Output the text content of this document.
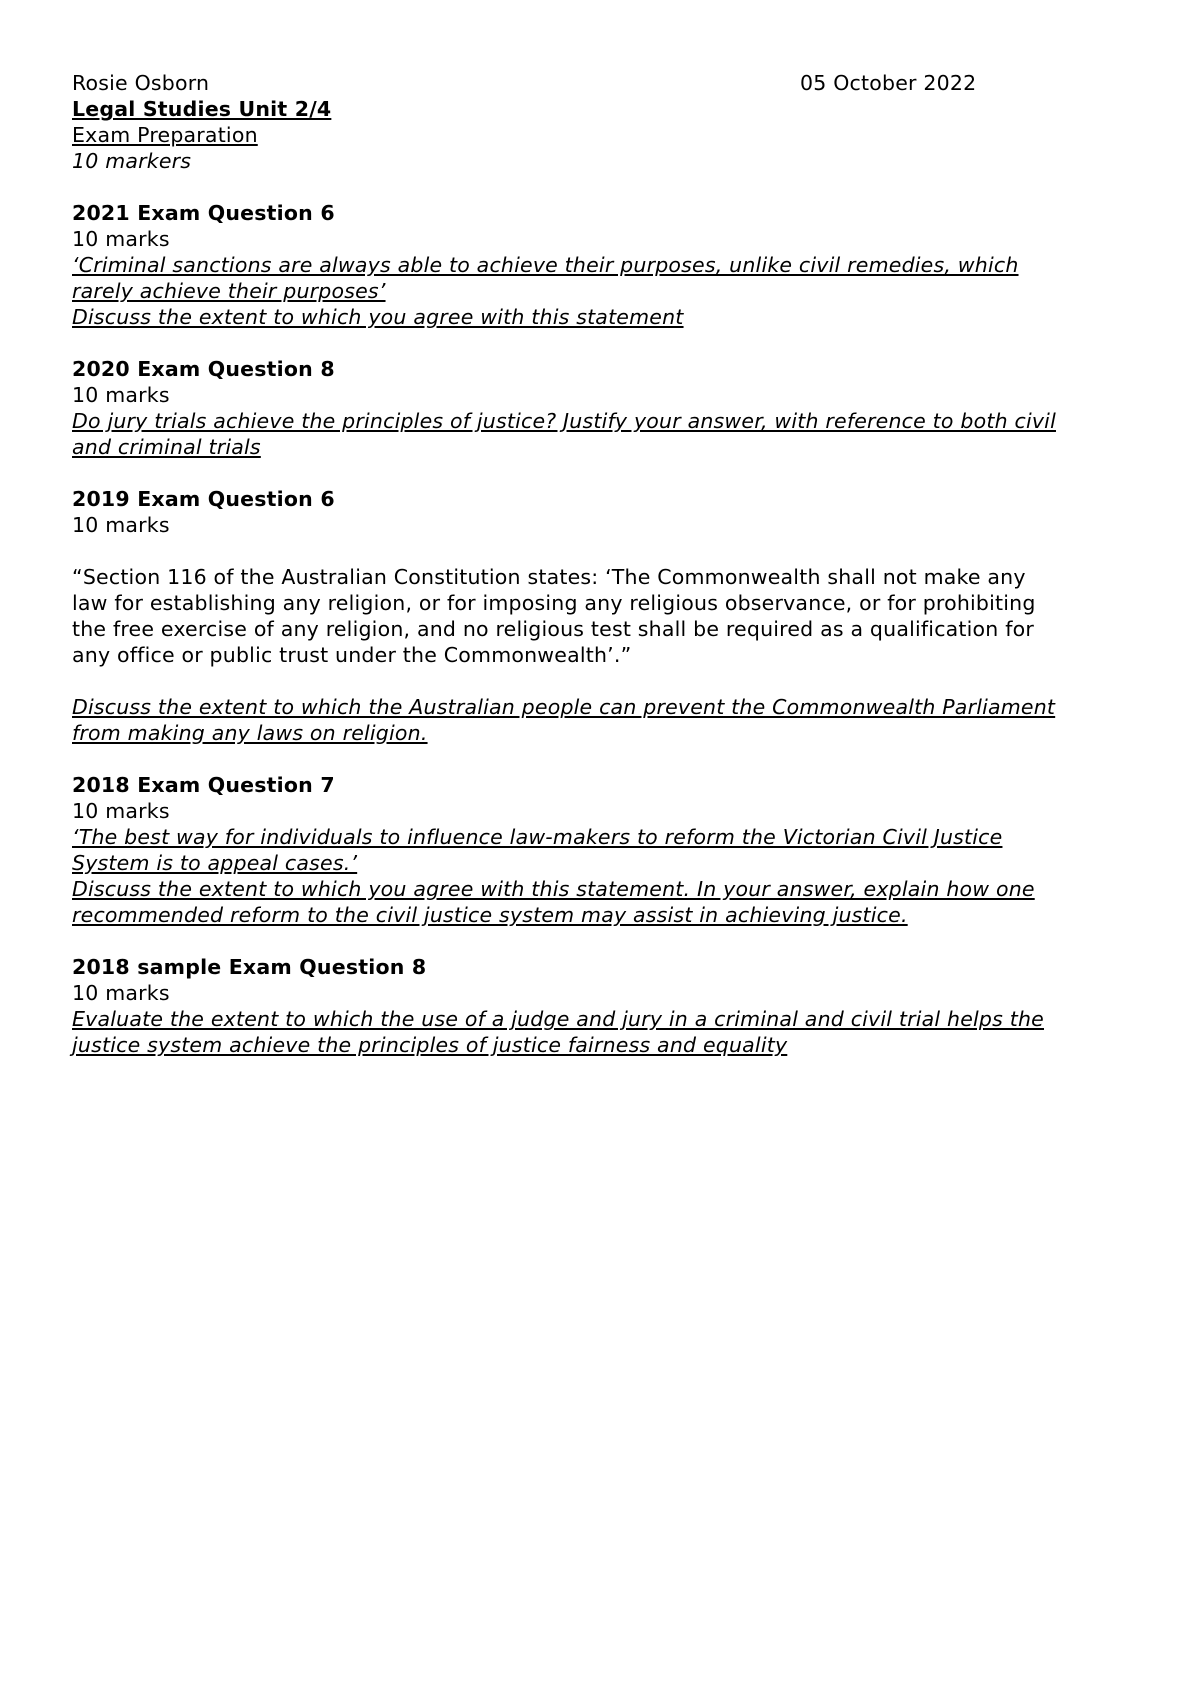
Rosie Osborn	05 October 2022
Legal Studies Unit 2/4
Exam Preparation
10 markers
2021 Exam Question 6
10 marks
‘Criminal sanctions are always able to achieve their purposes, unlike civil remedies, which
rarely achieve their purposes’
Discuss the extent to which you agree with this statement
2020 Exam Question 8
10 marks
Do jury trials achieve the principles of justice? Justify your answer, with reference to both civil
and criminal trials
2019 Exam Question 6
10 marks
“Section 116 of the Australian Constitution states: ‘The Commonwealth shall not make any
law for establishing any religion, or for imposing any religious observance, or for prohibiting
the free exercise of any religion, and no religious test shall be required as a qualification for
any office or public trust under the Commonwealth’.”
Discuss the extent to which the Australian people can prevent the Commonwealth Parliament
from making any laws on religion.
2018 Exam Question 7
10 marks
‘The best way for individuals to influence law-makers to reform the Victorian Civil Justice
System is to appeal cases.’
Discuss the extent to which you agree with this statement. In your answer, explain how one
recommended reform to the civil justice system may assist in achieving justice.
2018 sample Exam Question 8
10 marks
Evaluate the extent to which the use of a judge and jury in a criminal and civil trial helps the
justice system achieve the principles of justice fairness and equality
